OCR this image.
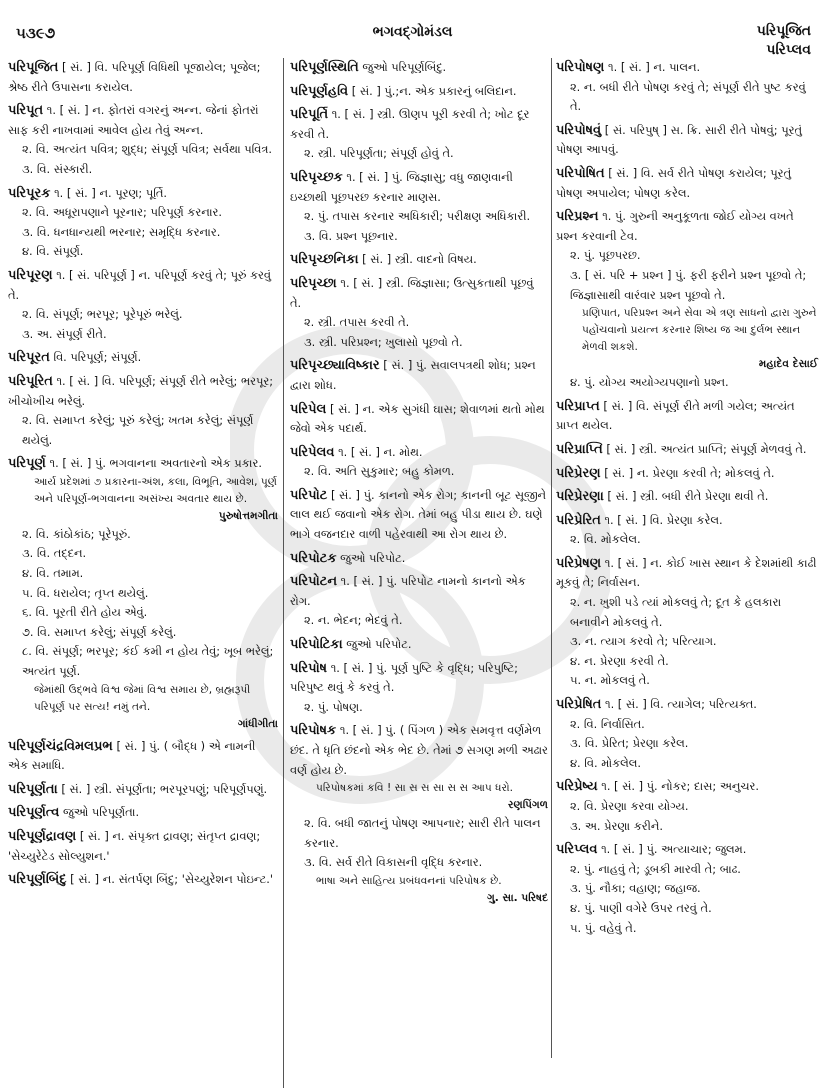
૫૩૯૭	ભગવદ્ગોમંડલ	પરિપૂજિત
પરિપ્લવ
પરિપૂજિત [ સં. ] વિ. પરિપૂર્ણ વિધિથી પૂજાયેલ; પૂજેલ; શ્રેષ્ઠ રીતે ઉપાસના કરાયેલ.
પરિપૂત ૧. [ સં. ] ન. ફોતરાં વગરનું અન્ન. જેનાં ફોતરાં સાફ કરી નાખવામાં આવેલ હોય તેવું અન્ન.
૨. વિ. અત્યંત પવિત્ર; શુદ્ધ; સંપૂર્ણ પવિત્ર; સર્વથા પવિત્ર.
૩. વિ. સંસ્કારી.
પરિપૂરક ૧. [ સં. ] ન. પૂરણ; પૂર્તિ.
૨. વિ. અધૂરાપણાને પૂરનાર; પરિપૂર્ણ કરનાર.
૩. વિ. ધનધાન્યથી ભરનાર; સમૃદ્ધિ કરનાર.
૪. વિ. સંપૂર્ણ.
પરિપૂરણ ૧. [ સં. પરિપૂર્ણ ] ન. પરિપૂર્ણ કરવું તે; પૂરું કરવું તે.
૨. વિ. સંપૂર્ણ; ભરપૂર; પૂરેપૂરું ભરેલું.
૩. અ. સંપૂર્ણ રીતે.
પરિપૂરત વિ. પરિપૂર્ણ; સંપૂર્ણ.
પરિપૂરિત ૧. [ સં. ] વિ. પરિપૂર્ણ; સંપૂર્ણ રીતે ભરેલું; ભરપૂર; ખીચોખીચ ભરેલું.
૨. વિ. સમાપ્ત કરેલું; પૂરું કરેલું; ખતમ કરેલું; સંપૂર્ણ થયેલું.
પરિપૂર્ણ ૧. [ સં. ] પું. ભગવાનના અવતારનો એક પ્રકાર.
આર્ય પ્રદેશમાં ૭ પ્રકારના-અંશ, કલા, વિભૂતિ, આવેશ, પૂર્ણ અને પરિપૂર્ણ-ભગવાનના અસંખ્ય અવતાર થાય છે.
પુરુષોત્તમગીતા
૨. વિ. કાંઠોકાંઠ; પૂરેપૂરું.
૩. વિ. તદ્દન.
૪. વિ. તમામ.
૫. વિ. ધરાયેલ; તૃપ્ત થયેલું.
૬. વિ. પૂરતી રીતે હોય એવું.
૭. વિ. સમાપ્ત કરેલું; સંપૂર્ણ કરેલું.
૮. વિ. સંપૂર્ણ; ભરપૂર; કંઈ કમી ન હોય તેવું; ખૂબ ભરેલું; અત્યંત પૂર્ણ.
જેમાંથી ઉદ્ભવે વિશ્વ જેમાં વિશ્વ સમાય છે, બ્રહ્મરૂપી પરિપૂર્ણ પર સત્ય! નમું તને.
ગાંધીગીતા
પરિપૂર્ણચંદ્રવિમલપ્રભ [ સં. ] પું. ( બૌદ્ધ ) એ નામની એક સમાધિ.
પરિપૂર્ણતા [ સં. ] સ્ત્રી. સંપૂર્ણતા; ભરપૂરપણું; પરિપૂર્ણપણું.
પરિપૂર્ણત્વ જુઓ પરિપૂર્ણતા.
પરિપૂર્ણદ્રાવણ [ સં. ] ન. સંપૃક્ત દ્રાવણ; સંતૃપ્ત દ્રાવણ; 'સેચ્યુરેટેડ સોલ્યુશન.'
પરિપૂર્ણબિંદુ [ સં. ] ન. સંતર્પણ બિંદુ; 'સેચ્યુરેશન પોઇન્ટ.'
પરિપૂર્ણસ્થિતિ જુઓ પરિપૂર્ણબિંદુ.
પરિપૂર્ણહવિ [ સં. ] પું.;ન. એક પ્રકારનું બલિદાન.
પરિપૂર્તિ ૧. [ સં. ] સ્ત્રી. ઊણપ પૂરી કરવી તે; ખોટ દૂર કરવી તે.
૨. સ્ત્રી. પરિપૂર્ણતા; સંપૂર્ણ હોવું તે.
પરિપૃચ્છક ૧. [ સં. ] પું. જિજ્ઞાસુ; વધુ જાણવાની ઇચ્છાથી પૂછપરછ કરનાર માણસ.
૨. પું. તપાસ કરનાર અધિકારી; પરીક્ષણ અધિકારી.
૩. વિ. પ્રશ્ન પૂછનાર.
પરિપૃચ્છનિકા [ સં. ] સ્ત્રી. વાદનો વિષય.
પરિપૃચ્છા ૧. [ સં. ] સ્ત્રી. જિજ્ઞાસા; ઉત્સુકતાથી પૂછવું તે.
૨. સ્ત્રી. તપાસ કરવી તે.
૩. સ્ત્રી. પરિપ્રશ્ન; ખુલાસો પૂછવો તે.
પરિપૃચ્છ્યાવિષ્કાર [ સં. ] પું. સવાલપત્રથી શોધ; પ્રશ્ન દ્વારા શોધ.
પરિપેલ [ સં. ] ન. એક સુગંધી ઘાસ; શેવાળમાં થતો મોથ જેવો એક પદાર્થ.
પરિપેલવ ૧. [ સં. ] ન. મોથ.
૨. વિ. અતિ સુકુમાર; બહુ કોમળ.
પરિપોટ [ સં. ] પું. કાનનો એક રોગ; કાનની બૂટ સૂજીને લાલ થઈ જવાનો એક રોગ. તેમાં બહુ પીડા થાય છે. ઘણે ભાગે વજનદાર વાળી પહેરવાથી આ રોગ થાય છે.
પરિપોટક જુઓ પરિપોટ.
પરિપોટન ૧. [ સં. ] પું. પરિપોટ નામનો કાનનો એક રોગ.
૨. ન. ભેદન; ભેદવું તે.
પરિપોટિકા જુઓ પરિપોટ.
પરિપોષ ૧. [ સં. ] પું. પૂર્ણ પુષ્ટિ કે વૃદ્ધિ; પરિપુષ્ટિ; પરિપુષ્ટ થવું કે કરવું તે.
૨. પું. પોષણ.
પરિપોષક ૧. [ સં. ] પું. ( પિંગળ ) એક સમવૃત્ત વર્ણમેળ છંદ. તે ધૃતિ છંદનો એક ભેદ છે. તેમાં ૭ સગણ મળી અઢાર વર્ણ હોય છે.
પરિપોષકમાં કવિ ! સા સ સ સા સ સ આપ ધરો.
રણપિંગળ
૨. વિ. બધી જાતનું પોષણ આપનાર; સારી રીતે પાલન કરનાર.
૩. વિ. સર્વ રીતે વિકાસની વૃદ્ધિ કરનાર.
ભાષા અને સાહિત્ય પ્રબંધવનનાં પરિપોષક છે.
ગુ. સા. પરિષદ
પરિપોષણ ૧. [ સં. ] ન. પાલન.
૨. ન. બધી રીતે પોષણ કરવું તે; સંપૂર્ણ રીતે પુષ્ટ કરવું તે.
પરિપોષવું [ સં. પરિપુષ્ ] સ. ક્રિ. સારી રીતે પોષવું; પૂરતું પોષણ આપવું.
પરિપોષિત [ સં. ] વિ. સર્વ રીતે પોષણ કરાયેલ; પૂરતું પોષણ અપાયેલ; પોષણ કરેલ.
પરિપ્રશ્ન ૧. પું. ગુરુની અનુકૂળતા જોઈ યોગ્ય વખતે પ્રશ્ન કરવાની ટેવ.
૨. પું. પૂછપરછ.
૩. [ સં. પરિ + પ્રશ્ન ] પું. ફરી ફરીને પ્રશ્ન પૂછવો તે; જિજ્ઞાસાથી વારંવાર પ્રશ્ન પૂછવો તે.
પ્રણિપાત, પરિપ્રશ્ન અને સેવા એ ત્રણ સાધનો દ્વારા ગુરુને પહોંચવાનો પ્રયત્ન કરનાર શિષ્ય જ આ દુર્લભ સ્થાન મેળવી શકશે.
મહાદેવ દેસાઈ
૪. પું. યોગ્ય અયોગ્યપણાનો પ્રશ્ન.
પરિપ્રાપ્ત [ સં. ] વિ. સંપૂર્ણ રીતે મળી ગયેલ; અત્યંત પ્રાપ્ત થયેલ.
પરિપ્રાપ્તિ [ સં. ] સ્ત્રી. અત્યંત પ્રાપ્તિ; સંપૂર્ણ મેળવવું તે.
પરિપ્રેરણ [ સં. ] ન. પ્રેરણા કરવી તે; મોકલવું તે.
પરિપ્રેરણા [ સં. ] સ્ત્રી. બધી રીતે પ્રેરણા થવી તે.
પરિપ્રેરિત ૧. [ સં. ] વિ. પ્રેરણા કરેલ.
૨. વિ. મોકલેલ.
પરિપ્રેષણ ૧. [ સં. ] ન. કોઈ ખાસ સ્થાન કે દેશમાંથી કાઢી મૂકવું તે; નિર્વાસન.
૨. ન. ખુશી પડે ત્યાં મોકલવું તે; દૂત કે હલકારા બનાવીને મોકલવું તે.
૩. ન. ત્યાગ કરવો તે; પરિત્યાગ.
૪. ન. પ્રેરણા કરવી તે.
૫. ન. મોકલવું તે.
પરિપ્રેષિત ૧. [ સં. ] વિ. ત્યાગેલ; પરિત્યક્ત.
૨. વિ. નિર્વાસિત.
૩. વિ. પ્રેરિત; પ્રેરણા કરેલ.
૪. વિ. મોકલેલ.
પરિપ્રેષ્ય ૧. [ સં. ] પું. નોકર; દાસ; અનુચર.
૨. વિ. પ્રેરણા કરવા યોગ્ય.
૩. અ. પ્રેરણા કરીને.
પરિપ્લવ ૧. [ સં. ] પું. અત્યાચાર; જુલમ.
૨. પું. નાહવું તે; ડૂબકી મારવી તે; બાઢ.
૩. પું. નૌકા; વહાણ; જહાજ.
૪. પું. પાણી વગેરે ઉપર તરવું તે.
૫. પું. વહેવું તે.
